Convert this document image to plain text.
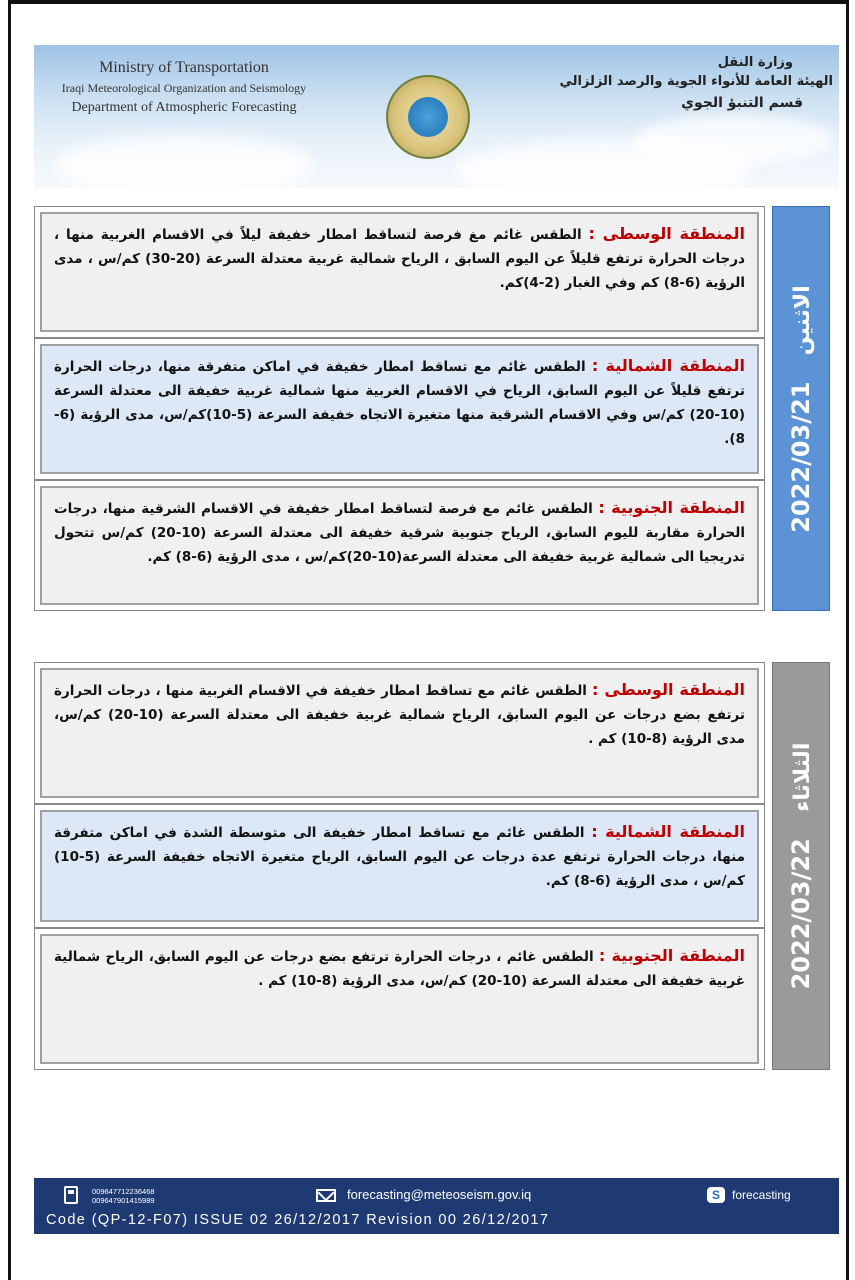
Ministry of Transportation
Iraqi Meteorological Organization and Seismology
Department of Atmospheric Forecasting
وزارة النقل
الهيئة العامة للأنواء الجوية والرصد الزلزالي
قسم التنبؤ الجوي

المنطقة الوسطى : الطقس غائم مغ فرصة لتساقط امطار خفيفة ليلاً في الاقسام الغربية منها ، درجات الحرارة ترتفع قليلاً عن اليوم السابق ، الرياح شمالية غربية معتدلة السرعة (20-30) كم/س ، مدى الرؤية (6-8) كم وفي الغبار (2-4)كم.

المنطقة الشمالية : الطقس غائم مع تساقط امطار خفيفة في اماكن متفرقة منها، درجات الحرارة ترتفع قليلاً عن اليوم السابق، الرياح في الاقسام الغربية منها شمالية غربية خفيفة الى معتدلة السرعة (10-20) كم/س وفي الاقسام الشرقية منها متغيرة الاتجاه خفيفة السرعة (5-10)كم/س، مدى الرؤية (6-8).

المنطقة الجنوبية : الطقس غائم مع فرصة لتساقط امطار خفيفة في الاقسام الشرقية منها، درجات الحرارة مقاربة لليوم السابق، الرياح جنوبية شرقية خفيفة الى معتدلة السرعة (10-20) كم/س تتحول تدريجيا الى شمالية غربية خفيفة الى معتدلة السرعة(10-20)كم/س ، مدى الرؤية (6-8) كم.

2022/03/21 الاثنين

المنطقة الوسطى : الطقس غائم مع تساقط امطار خفيفة في الاقسام الغربية منها ، درجات الحرارة ترتفع بضع درجات عن اليوم السابق، الرياح شمالية غربية خفيفة الى معتدلة السرعة (10-20) كم/س، مدى الرؤية (8-10) كم .

المنطقة الشمالية : الطقس غائم مع تساقط امطار خفيفة الى متوسطة الشدة في اماكن متفرقة منها، درجات الحرارة ترتفع عدة درجات عن اليوم السابق، الرياح متغيرة الاتجاه خفيفة السرعة (5-10) كم/س ، مدى الرؤية (6-8) كم.

المنطقة الجنوبية : الطقس غائم ، درجات الحرارة ترتفع بضع درجات عن اليوم السابق، الرياح شمالية غربية خفيفة الى معتدلة السرعة (10-20) كم/س، مدى الرؤية (8-10) كم . 2022/03/22 الثلاثاء
009647712236468
009647901415989	forecasting@meteoseism.gov.iq	S	forecasting
Code (QP-12-F07) ISSUE 02 26/12/2017 Revision 00 26/12/2017
